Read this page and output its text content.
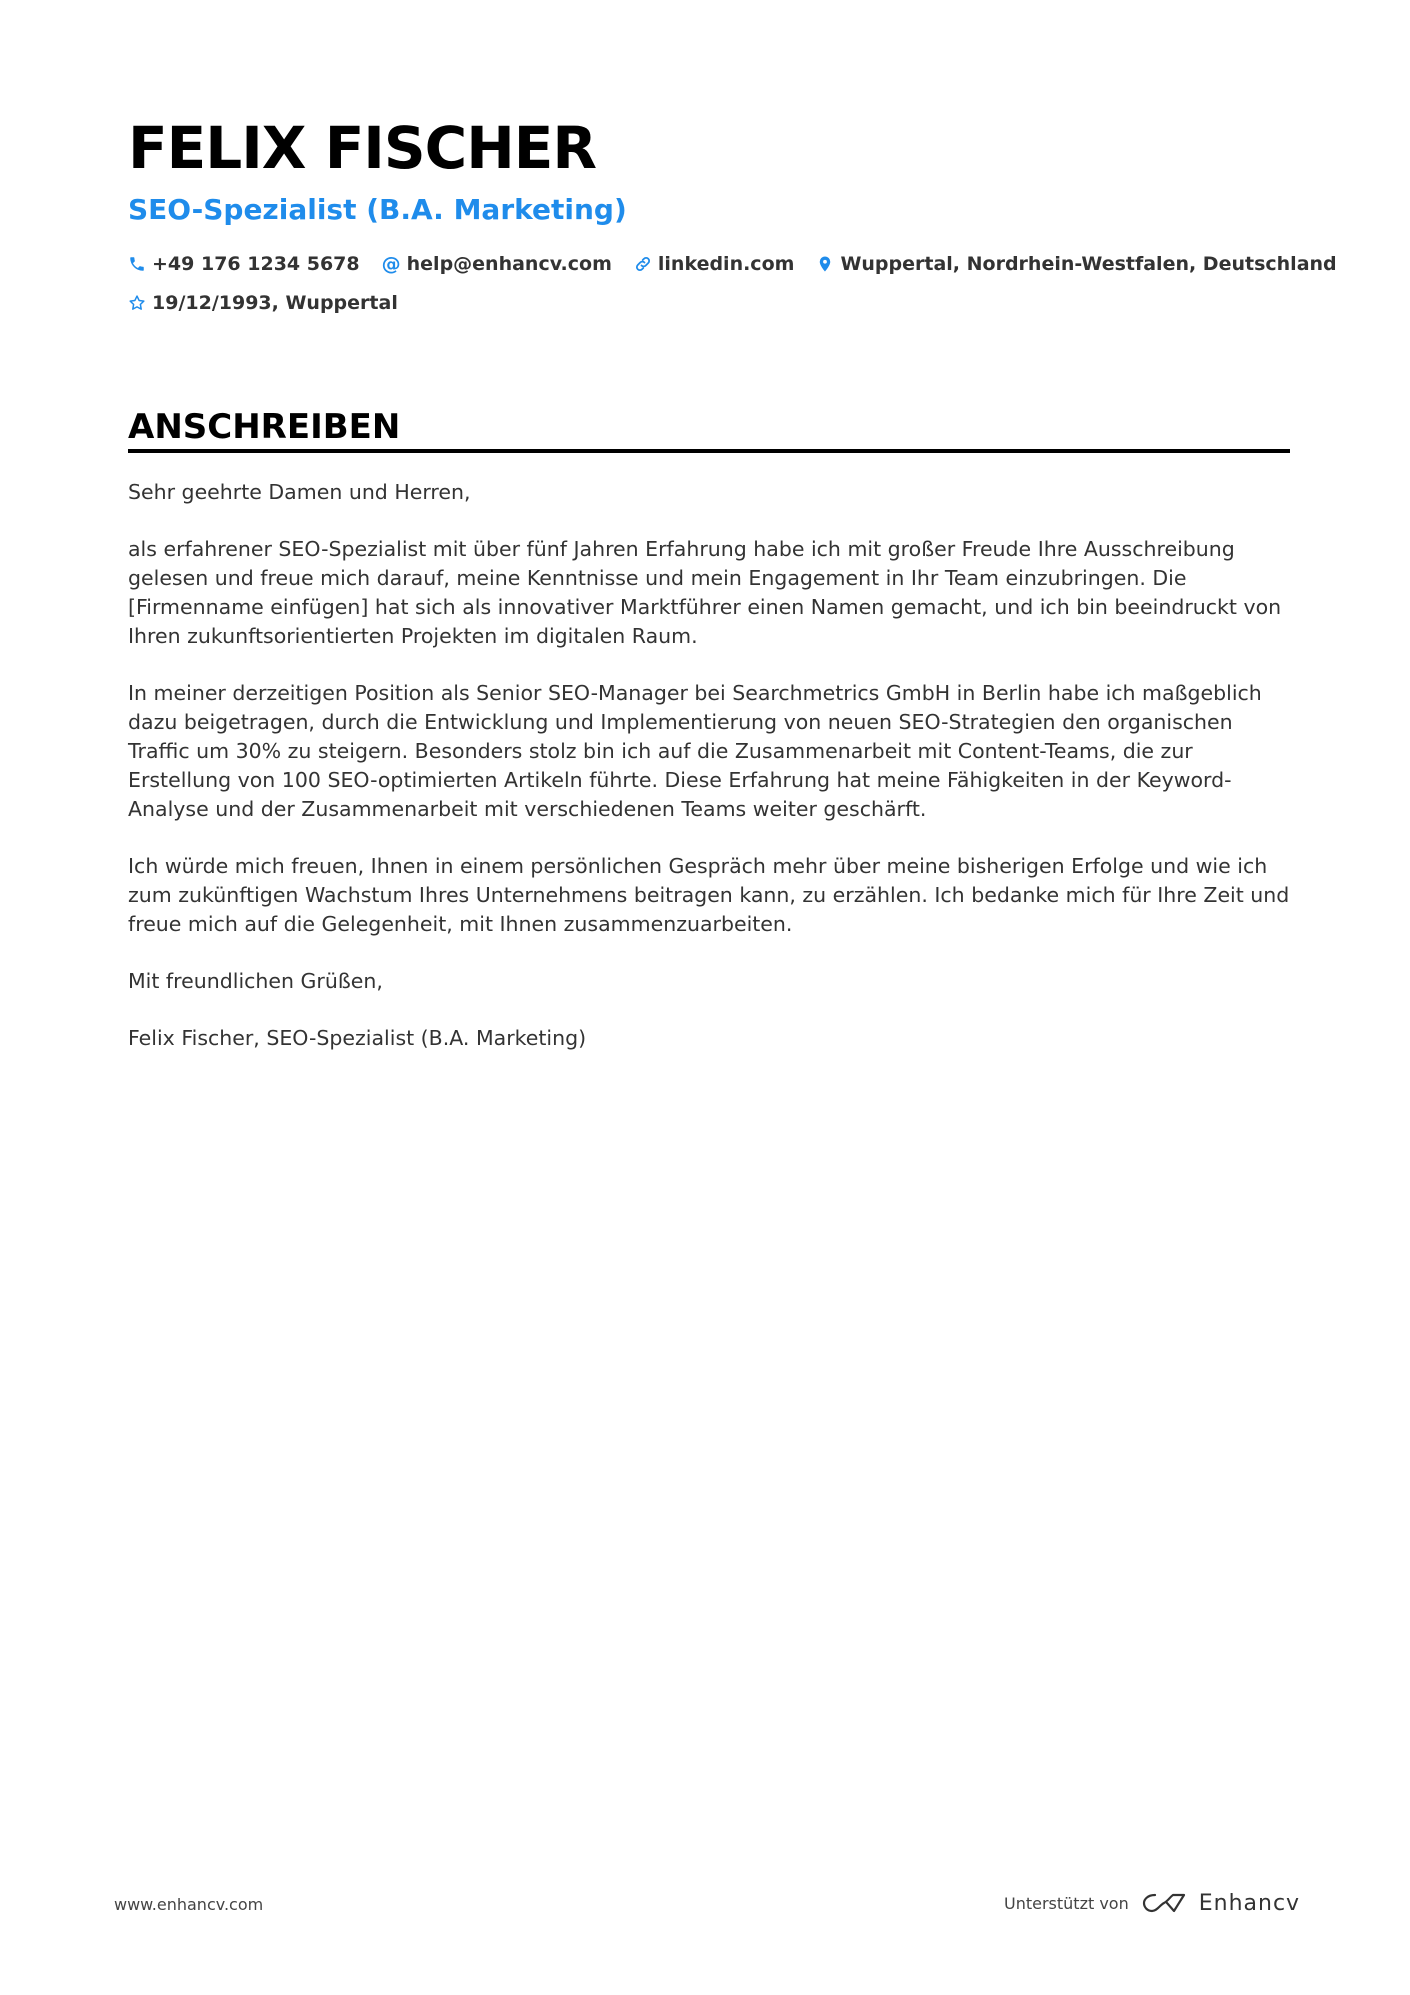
FELIX FISCHER
SEO-Spezialist (B.A. Marketing)
+49 176 1234 5678 @ help@enhancv.com linkedin.com Wuppertal, Nordrhein-Westfalen, Deutschland
19/12/1993, Wuppertal
ANSCHREIBEN

Sehr geehrte Damen und Herren,

als erfahrener SEO-Spezialist mit über fünf Jahren Erfahrung habe ich mit großer Freude Ihre Ausschreibung gelesen und freue mich darauf, meine Kenntnisse und mein Engagement in Ihr Team einzubringen. Die [Firmenname einfügen] hat sich als innovativer Marktführer einen Namen gemacht, und ich bin beeindruckt von Ihren zukunftsorientierten Projekten im digitalen Raum.

In meiner derzeitigen Position als Senior SEO-Manager bei Searchmetrics GmbH in Berlin habe ich maßgeblich dazu beigetragen, durch die Entwicklung und Implementierung von neuen SEO-Strategien den organischen Traffic um 30% zu steigern. Besonders stolz bin ich auf die Zusammenarbeit mit Content-Teams, die zur Erstellung von 100 SEO-optimierten Artikeln führte. Diese Erfahrung hat meine Fähigkeiten in der Keyword-Analyse und der Zusammenarbeit mit verschiedenen Teams weiter geschärft.

Ich würde mich freuen, Ihnen in einem persönlichen Gespräch mehr über meine bisherigen Erfolge und wie ich zum zukünftigen Wachstum Ihres Unternehmens beitragen kann, zu erzählen. Ich bedanke mich für Ihre Zeit und freue mich auf die Gelegenheit, mit Ihnen zusammenzuarbeiten.

Mit freundlichen Grüßen,

Felix Fischer, SEO-Spezialist (B.A. Marketing)

www.enhancv.com	Unterstützt von	Enhancv
